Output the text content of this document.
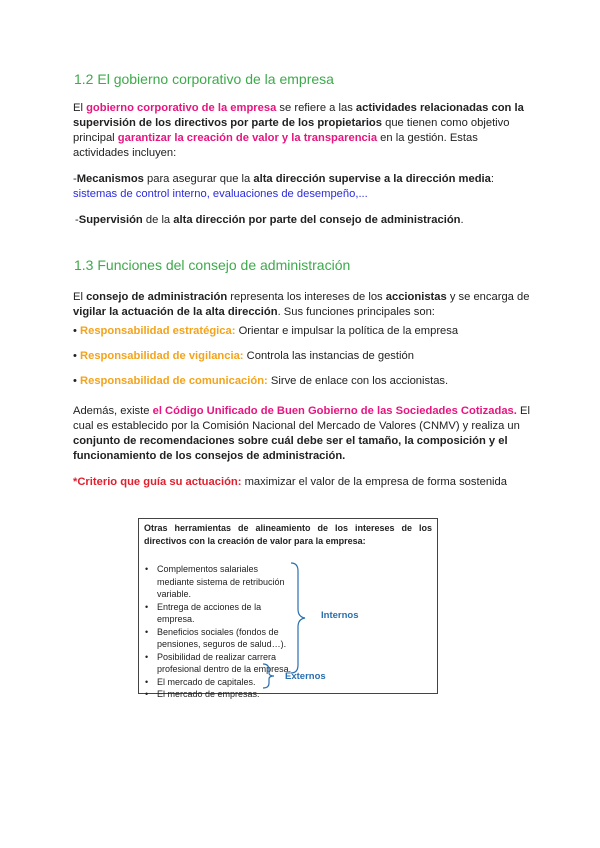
1.2 El gobierno corporativo de la empresa
El gobierno corporativo de la empresa se refiere a las actividades relacionadas con la supervisión de los directivos por parte de los propietarios que tienen como objetivo principal garantizar la creación de valor y la transparencia en la gestión. Estas actividades incluyen:
-Mecanismos para asegurar que la alta dirección supervise a la dirección media:
sistemas de control interno, evaluaciones de desempeño,...
-Supervisión de la alta dirección por parte del consejo de administración.
1.3 Funciones del consejo de administración
El consejo de administración representa los intereses de los accionistas y se encarga de vigilar la actuación de la alta dirección. Sus funciones principales son:
• Responsabilidad estratégica: Orientar e impulsar la política de la empresa
• Responsabilidad de vigilancia: Controla las instancias de gestión
• Responsabilidad de comunicación: Sirve de enlace con los accionistas.
Además, existe el Código Unificado de Buen Gobierno de las Sociedades Cotizadas. El cual es establecido por la Comisión Nacional del Mercado de Valores (CNMV) y realiza un conjunto de recomendaciones sobre cuál debe ser el tamaño, la composición y el funcionamiento de los consejos de administración.
*Criterio que guía su actuación: maximizar el valor de la empresa de forma sostenida
Otras herramientas de alineamiento de los intereses de los directivos con la creación de valor para la empresa:
• Complementos salariales mediante sistema de retribución variable.
• Entrega de acciones de la empresa.
• Beneficios sociales (fondos de pensiones, seguros de salud…).
• Posibilidad de realizar carrera profesional dentro de la empresa.
• El mercado de capitales.
• El mercado de empresas.
Internos
Externos
